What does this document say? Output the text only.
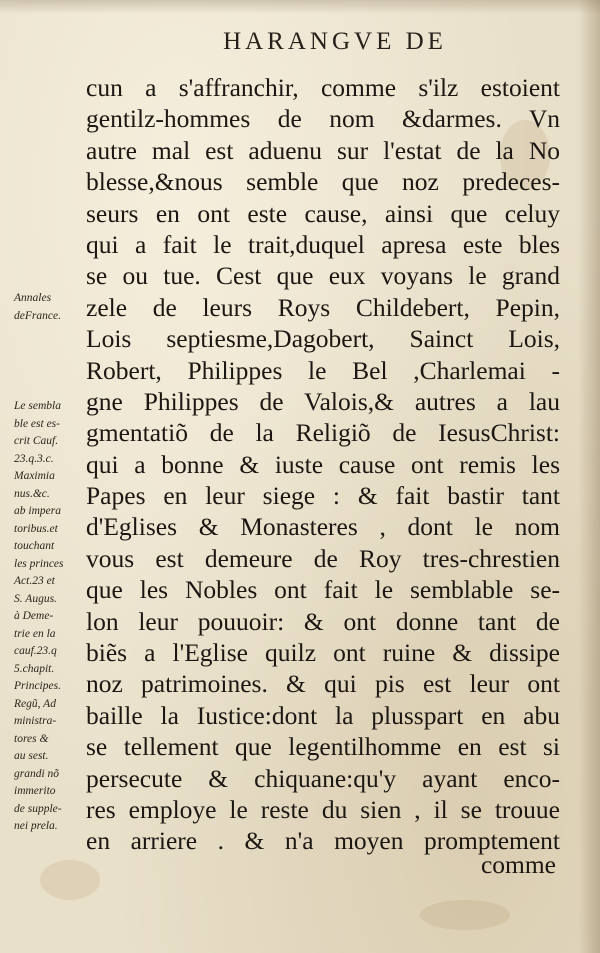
HARANGVE DE
Annales
deFrance.
Le sembla
ble est es-
crit Cauf.
23.q.3.c.
Maximia
nus.&c.
ab impera
toribus.et
touchant
les princes
Act.23 et
S. Augus.
à Deme-
trie en la
cauf.23.q
5.chapit.
Principes.
Regũ, Ad
ministra-
tores &
au sest.
grandi nõ
immerito
de supple-
nei prela.
cun a s'affranchir, comme s'ilz estoient
gentilz-hommes de nom &darmes. Vn
autre mal est aduenu sur l'estat de la No
blesse,&nous semble que noz predeces-
seurs en ont este cause, ainsi que celuy
qui a fait le trait,duquel apresa este bles
se ou tue. Cest que eux voyans le grand
zele de leurs Roys Childebert, Pepin,
Lois septiesme,Dagobert, Sainct Lois,
Robert, Philippes le Bel ,Charlemai -
gne Philippes de Valois,& autres a lau
gmentatiõ de la Religiõ de IesusChrist:
qui a bonne & iuste cause ont remis les
Papes en leur siege : & fait bastir tant
d'Eglises & Monasteres , dont le nom
vous est demeure de Roy tres-chrestien
que les Nobles ont fait le semblable se-
lon leur pouuoir: & ont donne tant de
biẽs a l'Eglise quilz ont ruine & dissipe
noz patrimoines. & qui pis est leur ont
baille la Iustice:dont la plusspart en abu
se tellement que legentilhomme en est si
persecute & chiquane:qu'y ayant enco-
res employe le reste du sien , il se trouue
en arriere . & n'a moyen promptement
comme
